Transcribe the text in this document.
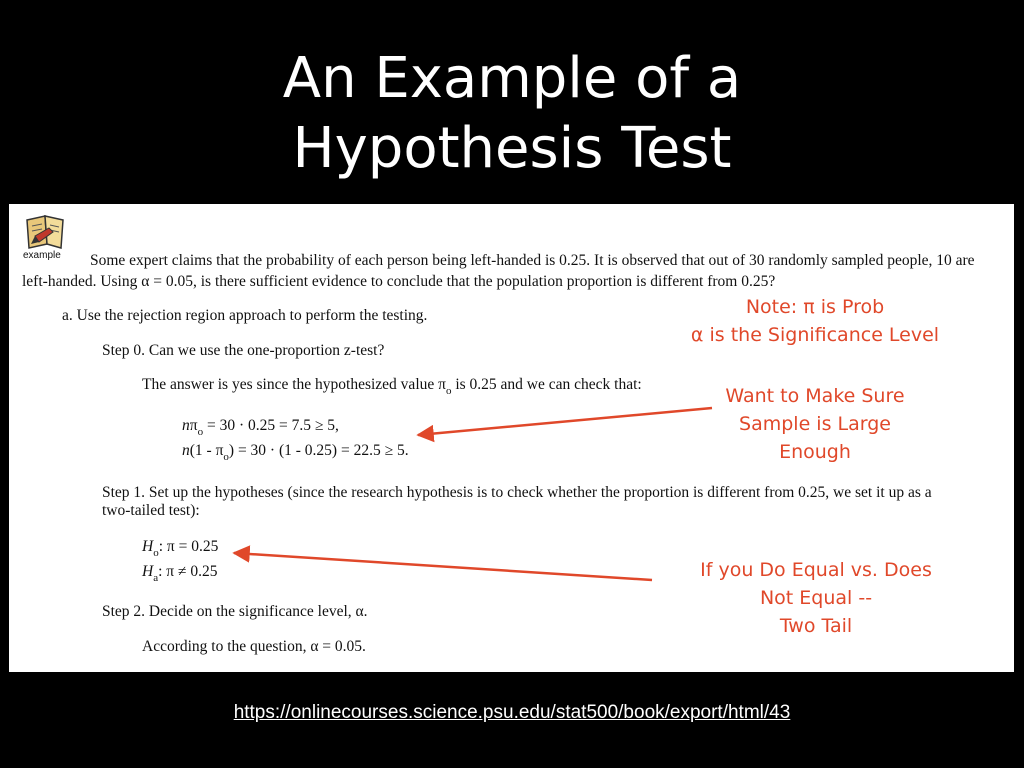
An Example of a
Hypothesis Test
example Some expert claims that the probability of each person being left-handed is 0.25. It is observed that out of 30 randomly sampled people, 10 are
left-handed. Using α = 0.05, is there sufficient evidence to conclude that the population proportion is different from 0.25?
a. Use the rejection region approach to perform the testing.
Step 0. Can we use the one-proportion z-test?
The answer is yes since the hypothesized value $\pi_o$ is 0.25 and we can check that:
$n\pi_o = 30 \cdot 0.25 = 7.5 \ge 5$,
$n(1 - \pi_o) = 30 \cdot (1 - 0.25) = 22.5 \ge 5$.
Step 1. Set up the hypotheses (since the research hypothesis is to check whether the proportion is different from 0.25, we set it up as a
two-tailed test):
$H_o$: π = 0.25
$H_a$: π ≠ 0.25
Step 2. Decide on the significance level, α.
According to the question, α = 0.05.
Note: π is Prob
α is the Significance Level
Want to Make Sure
Sample is Large
Enough
If you Do Equal vs. Does
Not Equal --
Two Tail
https://onlinecourses.science.psu.edu/stat500/book/export/html/43
